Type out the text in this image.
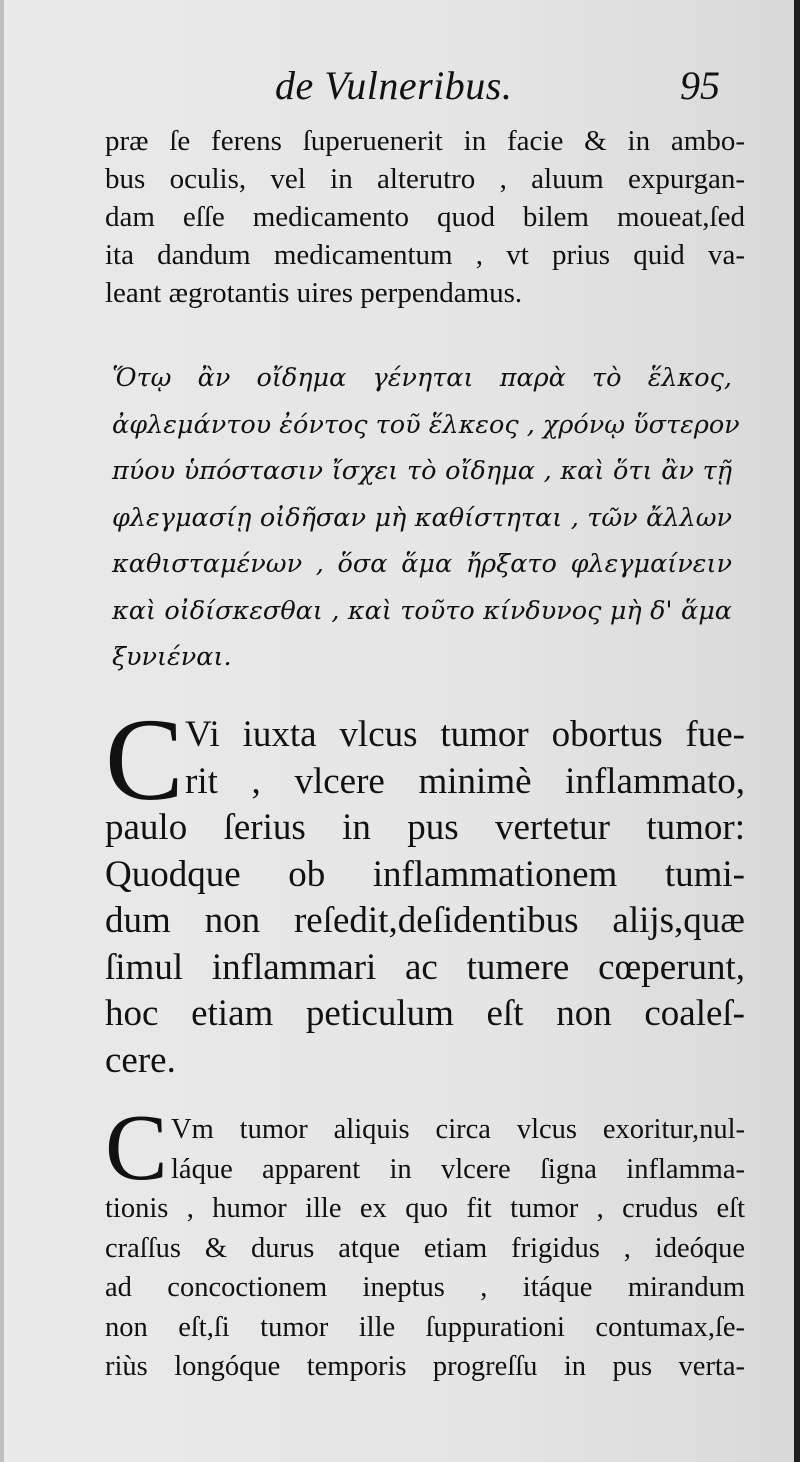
de Vulneribus.	95
præ ſe ferens ſuperuenerit in facie & in ambo-
bus oculis, vel in alterutro , aluum expurgan-
dam eſſe medicamento quod bilem moueat,ſed
ita dandum medicamentum , vt prius quid va-
leant ægrotantis uires perpendamus.
Ὅτῳ ἂν οἴδημα γένηται παρὰ τὸ ἕλκος,
ἀφλεμάντου ἐόντος τοῦ ἕλκεος , χρόνῳ ὕστερον
πύου ὑπόστασιν ἴσχει τὸ οἴδημα , καὶ ὅτι ἂν τῇ
φλεγμασίῃ οἰδῆσαν μὴ καθίστηται , τῶν ἄλλων
καθισταμένων , ὅσα ἅμα ἤρξατο φλεγμαίνειν
καὶ οἰδίσκεσθαι , καὶ τοῦτο κίνδυνος μὴ δ' ἅμα
ξυνιέναι.
C Vi iuxta vlcus tumor obortus fue-
rit , vlcere minimè inflammato,
paulo ſerius in pus vertetur tumor:
Quodque ob inflammationem tumi-
dum non reſedit,deſidentibus alijs,quæ
ſimul inflammari ac tumere cœperunt,
hoc etiam peticulum eſt non coaleſ-
cere.
C Vm tumor aliquis circa vlcus exoritur,nul-
láque apparent in vlcere ſigna inflamma-
tionis , humor ille ex quo fit tumor , crudus eſt
craſſus & durus atque etiam frigidus , ideóque
ad concoctionem ineptus , itáque mirandum
non eſt,ſi tumor ille ſuppurationi contumax,ſe-
riùs longóque temporis progreſſu in pus verta-
